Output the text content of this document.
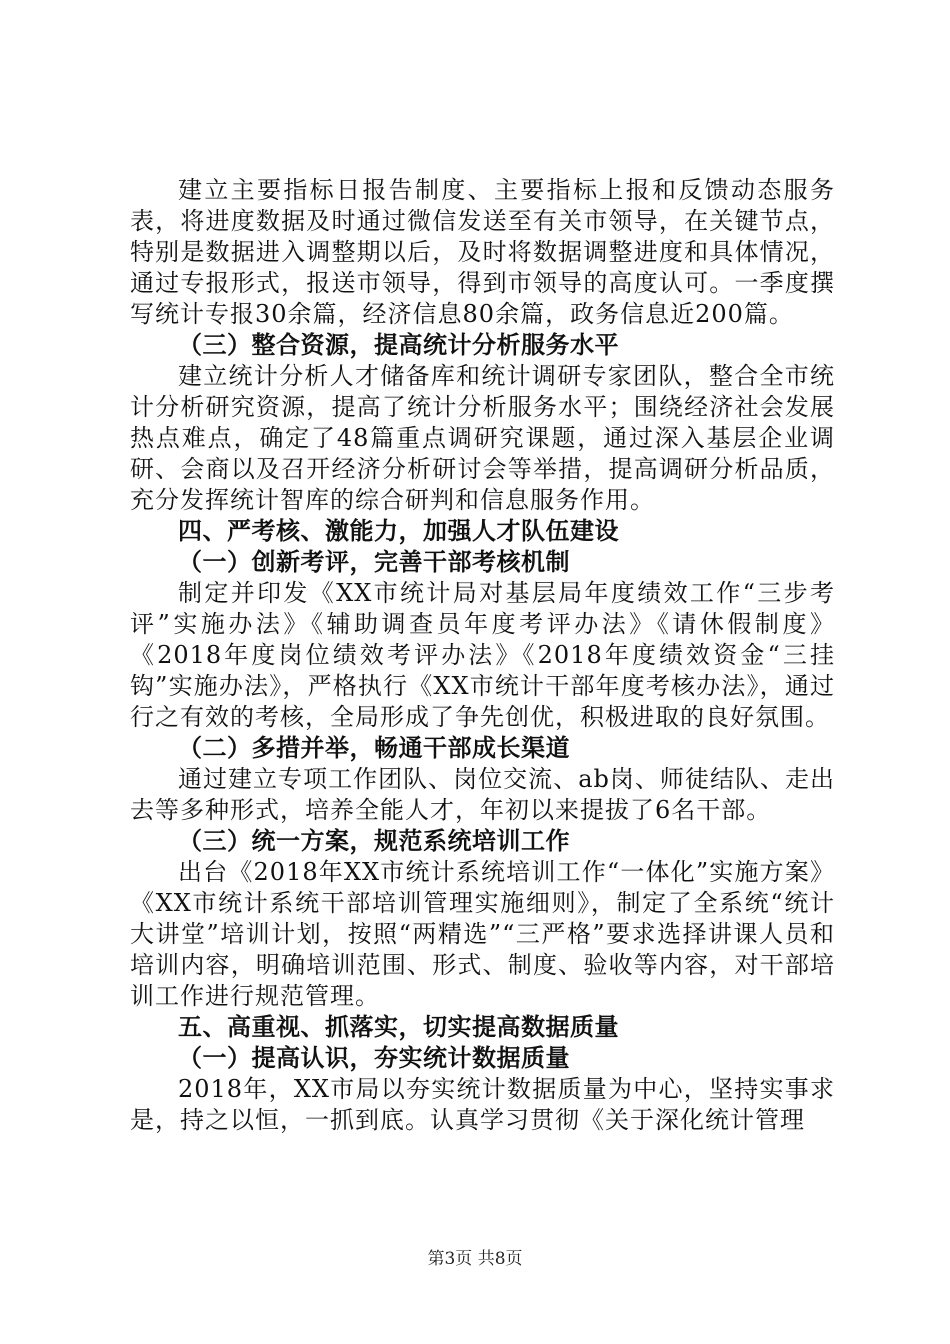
建立主要指标日报告制度、主要指标上报和反馈动态服务表，将进度数据及时通过微信发送至有关市领导，在关键节点，特别是数据进入调整期以后，及时将数据调整进度和具体情况，通过专报形式，报送市领导，得到市领导的高度认可。一季度撰写统计专报30余篇，经济信息80余篇，政务信息近200篇。

（三）整合资源，提高统计分析服务水平

建立统计分析人才储备库和统计调研专家团队，整合全市统计分析研究资源，提高了统计分析服务水平；围绕经济社会发展热点难点，确定了48篇重点调研究课题，通过深入基层企业调研、会商以及召开经济分析研讨会等举措，提高调研分析品质，充分发挥统计智库的综合研判和信息服务作用。

四、严考核、激能力，加强人才队伍建设

（一）创新考评，完善干部考核机制

制定并印发《XX市统计局对基层局年度绩效工作“三步考评”实施办法》《辅助调查员年度考评办法》《请休假制度》《2018年度岗位绩效考评办法》《2018年度绩效资金“三挂钩”实施办法》，严格执行《XX市统计干部年度考核办法》，通过行之有效的考核，全局形成了争先创优，积极进取的良好氛围。

（二）多措并举，畅通干部成长渠道

通过建立专项工作团队、岗位交流、ab岗、师徒结队、走出去等多种形式，培养全能人才，年初以来提拔了6名干部。

（三）统一方案，规范系统培训工作

出台《2018年XX市统计系统培训工作“一体化”实施方案》《XX市统计系统干部培训管理实施细则》，制定了全系统“统计大讲堂”培训计划，按照“两精选”“三严格”要求选择讲课人员和培训内容，明确培训范围、形式、制度、验收等内容，对干部培训工作进行规范管理。

五、高重视、抓落实，切实提高数据质量

（一）提高认识，夯实统计数据质量

2018年，XX市局以夯实统计数据质量为中心，坚持实事求是，持之以恒，一抓到底。认真学习贯彻《关于深化统计管理

第3页 共8页
